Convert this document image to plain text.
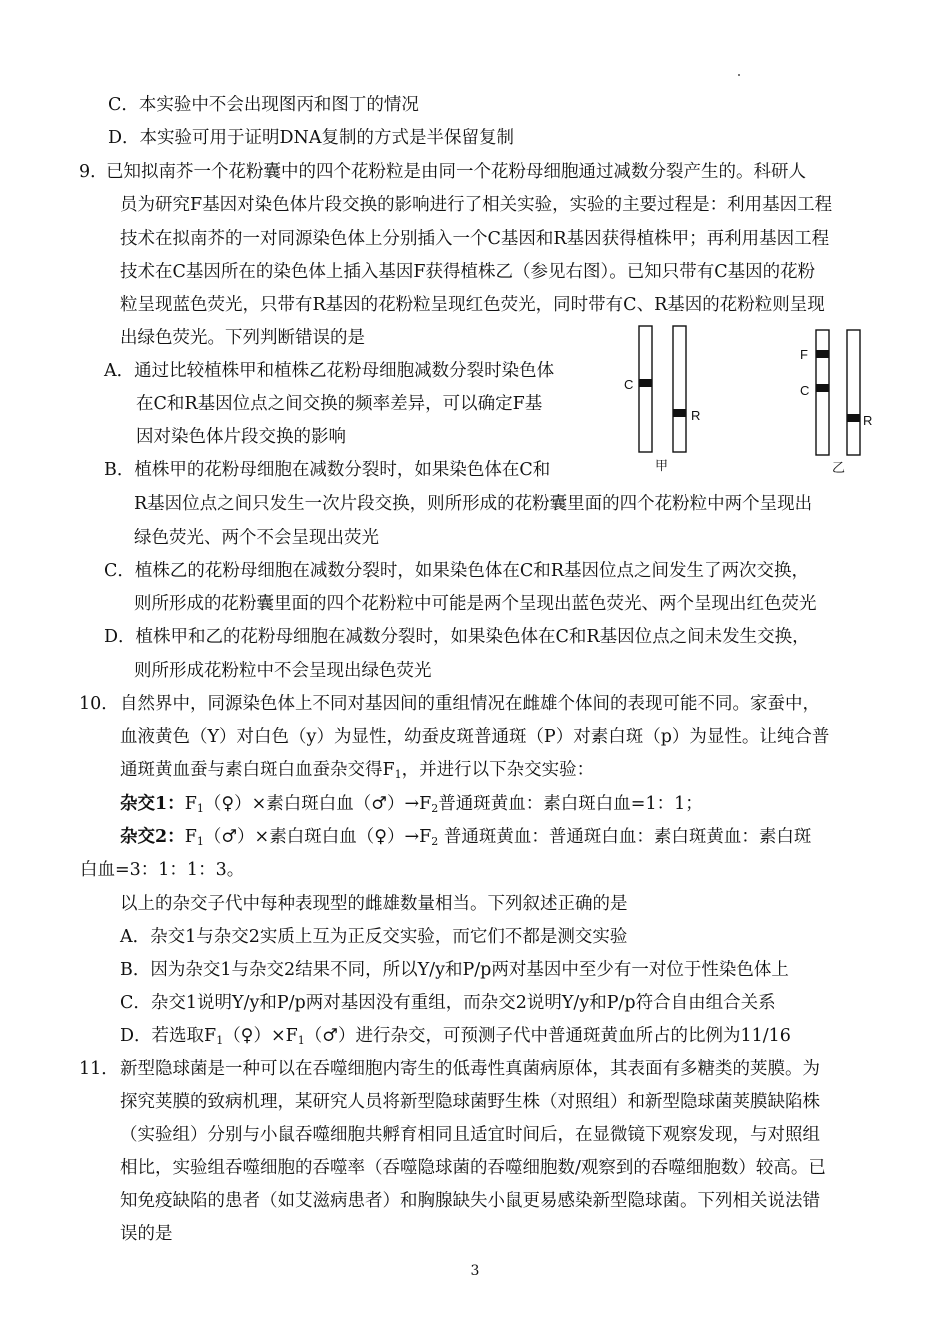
C．本实验中不会出现图丙和图丁的情况
D．本实验可用于证明DNA复制的方式是半保留复制
9．
已知拟南芥一个花粉囊中的四个花粉粒是由同一个花粉母细胞通过减数分裂产生的。科研人
员为研究F基因对染色体片段交换的影响进行了相关实验，实验的主要过程是：利用基因工程
技术在拟南芥的一对同源染色体上分别插入一个C基因和R基因获得植株甲；再利用基因工程
技术在C基因所在的染色体上插入基因F获得植株乙（参见右图）。已知只带有C基因的花粉
粒呈现蓝色荧光，只带有R基因的花粉粒呈现红色荧光，同时带有C、R基因的花粉粒则呈现
出绿色荧光。下列判断错误的是
A．通过比较植株甲和植株乙花粉母细胞减数分裂时染色体
在C和R基因位点之间交换的频率差异，可以确定F基
因对染色体片段交换的影响
B．植株甲的花粉母细胞在减数分裂时，如果染色体在C和
R基因位点之间只发生一次片段交换，则所形成的花粉囊里面的四个花粉粒中两个呈现出
绿色荧光、两个不会呈现出荧光
C．植株乙的花粉母细胞在减数分裂时，如果染色体在C和R基因位点之间发生了两次交换，
则所形成的花粉囊里面的四个花粉粒中可能是两个呈现出蓝色荧光、两个呈现出红色荧光
D．植株甲和乙的花粉母细胞在减数分裂时，如果染色体在C和R基因位点之间未发生交换，
则所形成花粉粒中不会呈现出绿色荧光
C
R
甲
F
C
R
乙
10． 自然界中，同源染色体上不同对基因间的重组情况在雌雄个体间的表现可能不同。家蚕中，
血液黄色（Y）对白色（y）为显性，幼蚕皮斑普通斑（P）对素白斑（p）为显性。让纯合普
通斑黄血蚕与素白斑白血蚕杂交得$F_1$，并进行以下杂交实验：
杂交1：$F_1(♀)\times$素白斑白血$(♂)\to F_2$普通斑黄血：素白斑白血=1：1；
杂交2：$F_1(♂)\times$素白斑白血$(♀)\to F_2$ 普通斑黄血：普通斑白血：素白斑黄血：素白斑
白血=3：1：1：3。
以上的杂交子代中每种表现型的雌雄数量相当。下列叙述正确的是
A．杂交1与杂交2实质上互为正反交实验，而它们不都是测交实验
B．因为杂交1与杂交2结果不同，所以Y/y和P/p两对基因中至少有一对位于性染色体上
C．杂交1说明Y/y和P/p两对基因没有重组，而杂交2说明Y/y和P/p符合自由组合关系
D．若选取$F_1(♀)\times F_1(♂)$进行杂交，可预测子代中普通斑黄血所占的比例为11/16
11． 新型隐球菌是一种可以在吞噬细胞内寄生的低毒性真菌病原体，其表面有多糖类的荚膜。为
探究荚膜的致病机理，某研究人员将新型隐球菌野生株（对照组）和新型隐球菌荚膜缺陷株
（实验组）分别与小鼠吞噬细胞共孵育相同且适宜时间后，在显微镜下观察发现，与对照组
相比，实验组吞噬细胞的吞噬率（吞噬隐球菌的吞噬细胞数/观察到的吞噬细胞数）较高。已
知免疫缺陷的患者（如艾滋病患者）和胸腺缺失小鼠更易感染新型隐球菌。下列相关说法错
误的是
3
